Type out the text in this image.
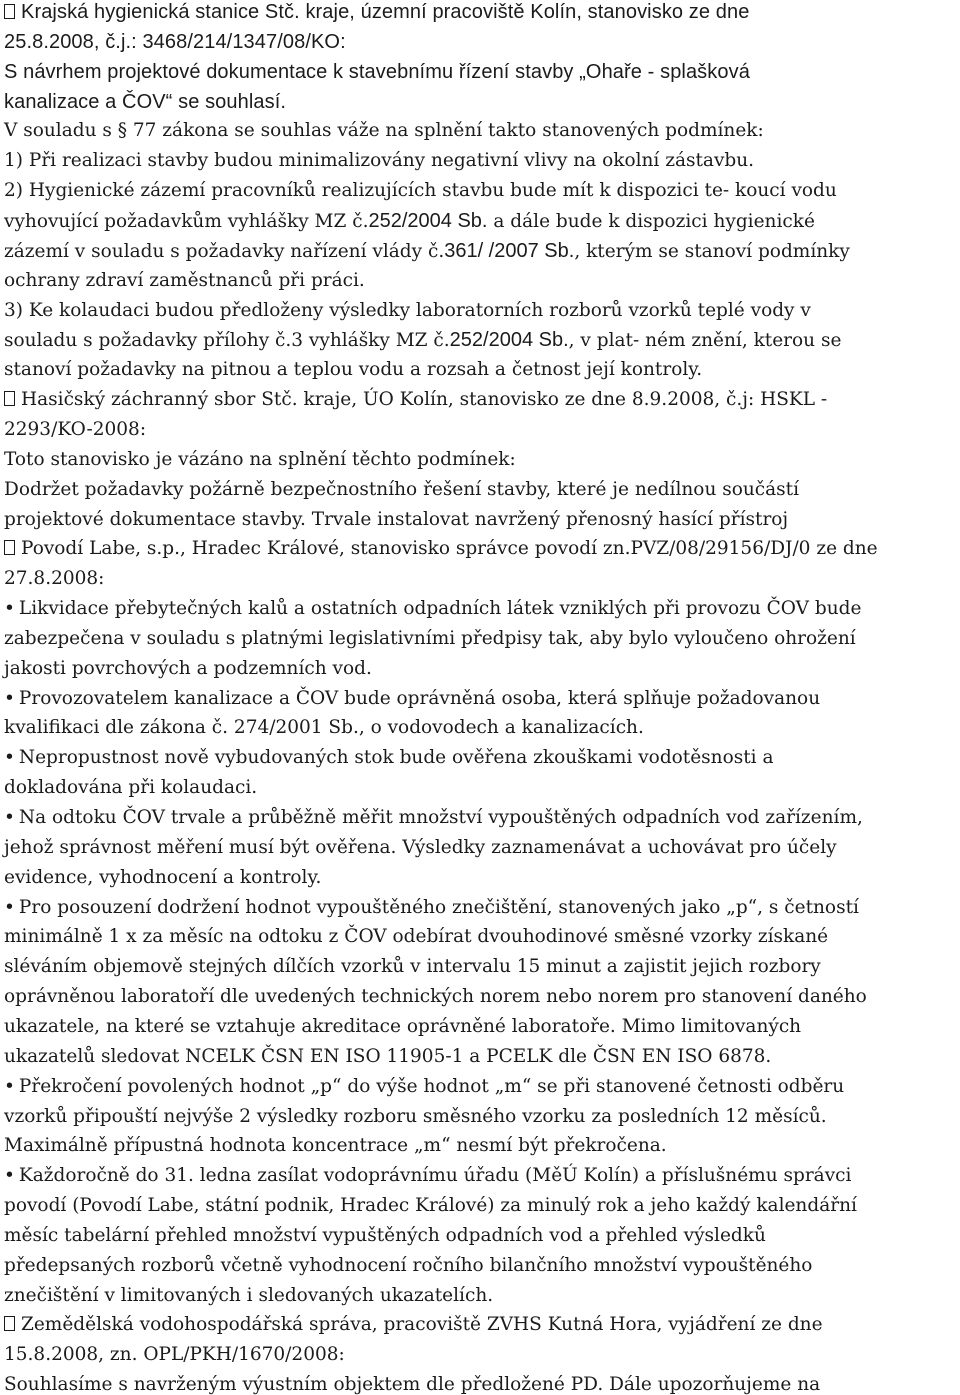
Krajská hygienická stanice Stč. kraje, územní pracoviště Kolín, stanovisko ze dne

25.8.2008, č.j.: 3468/214/1347/08/KO:

S návrhem projektové dokumentace k stavebnímu řízení stavby „Ohaře - splašková

kanalizace a ČOV“ se souhlasí.

V souladu s § 77 zákona se souhlas váže na splnění takto stanovených podmínek:

1) Při realizaci stavby budou minimalizovány negativní vlivy na okolní zástavbu.

2) Hygienické zázemí pracovníků realizujících stavbu bude mít k dispozici te- koucí vodu

vyhovující požadavkům vyhlášky MZ č.252/2004 Sb. a dále bude k dispozici hygienické

zázemí v souladu s požadavky nařízení vlády č.361/ /2007 Sb., kterým se stanoví podmínky

ochrany zdraví zaměstnanců při práci.

3) Ke kolaudaci budou předloženy výsledky laboratorních rozborů vzorků teplé vody v

souladu s požadavky přílohy č.3 vyhlášky MZ č.252/2004 Sb., v plat- ném znění, kterou se

stanoví požadavky na pitnou a teplou vodu a rozsah a četnost její kontroly.

Hasičský záchranný sbor Stč. kraje, ÚO Kolín, stanovisko ze dne 8.9.2008, č.j: HSKL -

2293/KO-2008:

Toto stanovisko je vázáno na splnění těchto podmínek:

Dodržet požadavky požárně bezpečnostního řešení stavby, které je nedílnou součástí

projektové dokumentace stavby. Trvale instalovat navržený přenosný hasící přístroj

Povodí Labe, s.p., Hradec Králové, stanovisko správce povodí zn.PVZ/08/29156/DJ/0 ze dne

27.8.2008:

• Likvidace přebytečných kalů a ostatních odpadních látek vzniklých při provozu ČOV bude

zabezpečena v souladu s platnými legislativními předpisy tak, aby bylo vyloučeno ohrožení

jakosti povrchových a podzemních vod.

• Provozovatelem kanalizace a ČOV bude oprávněná osoba, která splňuje požadovanou

kvalifikaci dle zákona č. 274/2001 Sb., o vodovodech a kanalizacích.

• Nepropustnost nově vybudovaných stok bude ověřena zkouškami vodotěsnosti a

dokladována při kolaudaci.

• Na odtoku ČOV trvale a průběžně měřit množství vypouštěných odpadních vod zařízením,

jehož správnost měření musí být ověřena. Výsledky zaznamenávat a uchovávat pro účely

evidence, vyhodnocení a kontroly.

• Pro posouzení dodržení hodnot vypouštěného znečištění, stanovených jako „p“, s četností

minimálně 1 x za měsíc na odtoku z ČOV odebírat dvouhodinové směsné vzorky získané

sléváním objemově stejných dílčích vzorků v intervalu 15 minut a zajistit jejich rozbory

oprávněnou laboratoří dle uvedených technických norem nebo norem pro stanovení daného

ukazatele, na které se vztahuje akreditace oprávněné laboratoře. Mimo limitovaných

ukazatelů sledovat NCELK ČSN EN ISO 11905-1 a PCELK dle ČSN EN ISO 6878.

• Překročení povolených hodnot „p“ do výše hodnot „m“ se při stanovené četnosti odběru

vzorků připouští nejvýše 2 výsledky rozboru směsného vzorku za posledních 12 měsíců.

Maximálně přípustná hodnota koncentrace „m“ nesmí být překročena.

• Každoročně do 31. ledna zasílat vodoprávnímu úřadu (MěÚ Kolín) a příslušnému správci

povodí (Povodí Labe, státní podnik, Hradec Králové) za minulý rok a jeho každý kalendářní

měsíc tabelární přehled množství vypuštěných odpadních vod a přehled výsledků

předepsaných rozborů včetně vyhodnocení ročního bilančního množství vypouštěného

znečištění v limitovaných i sledovaných ukazatelích.

Zemědělská vodohospodářská správa, pracoviště ZVHS Kutná Hora, vyjádření ze dne

15.8.2008, zn. OPL/PKH/1670/2008:

Souhlasíme s navrženým výustním objektem dle předložené PD. Dále upozorňujeme na
